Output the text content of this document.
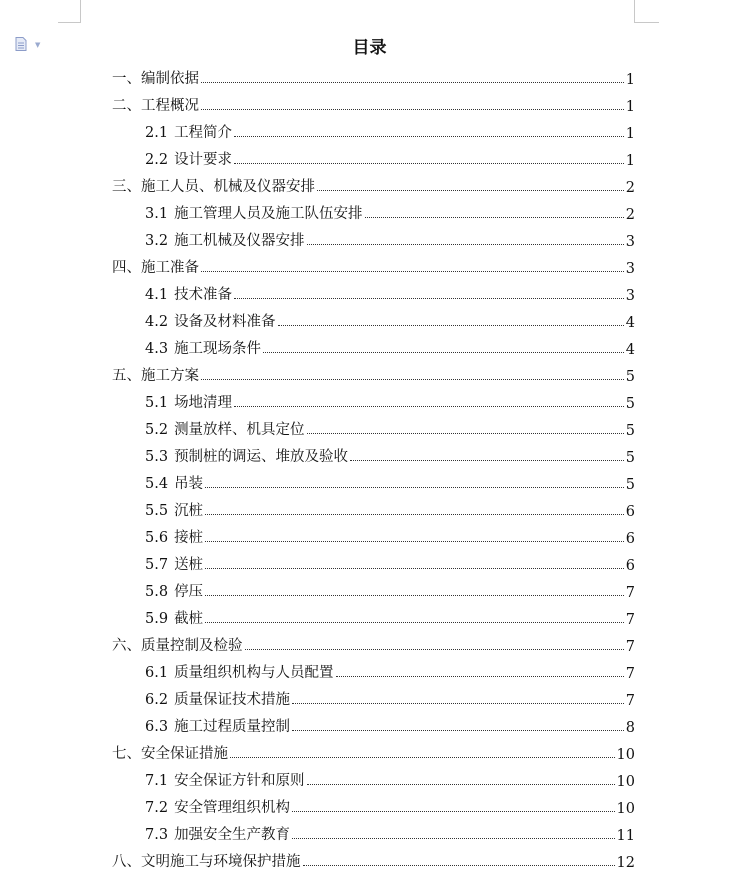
▼	目录
一、编制依据	1
二、工程概况	1
2.1 工程简介	1
2.2 设计要求	1
三、施工人员、机械及仪器安排	2
3.1 施工管理人员及施工队伍安排	2
3.2 施工机械及仪器安排	3
四、施工准备	3
4.1 技术准备	3
4.2 设备及材料准备	4
4.3 施工现场条件	4
五、施工方案	5
5.1 场地清理	5
5.2 测量放样、机具定位	5
5.3 预制桩的调运、堆放及验收	5
5.4 吊装	5
5.5 沉桩	6
5.6 接桩	6
5.7 送桩	6
5.8 停压	7
5.9 截桩	7
六、质量控制及检验	7
6.1 质量组织机构与人员配置	7
6.2 质量保证技术措施	7
6.3 施工过程质量控制	8
七、安全保证措施	10
7.1 安全保证方针和原则	10
7.2 安全管理组织机构	10
7.3 加强安全生产教育	11
八、文明施工与环境保护措施	12
